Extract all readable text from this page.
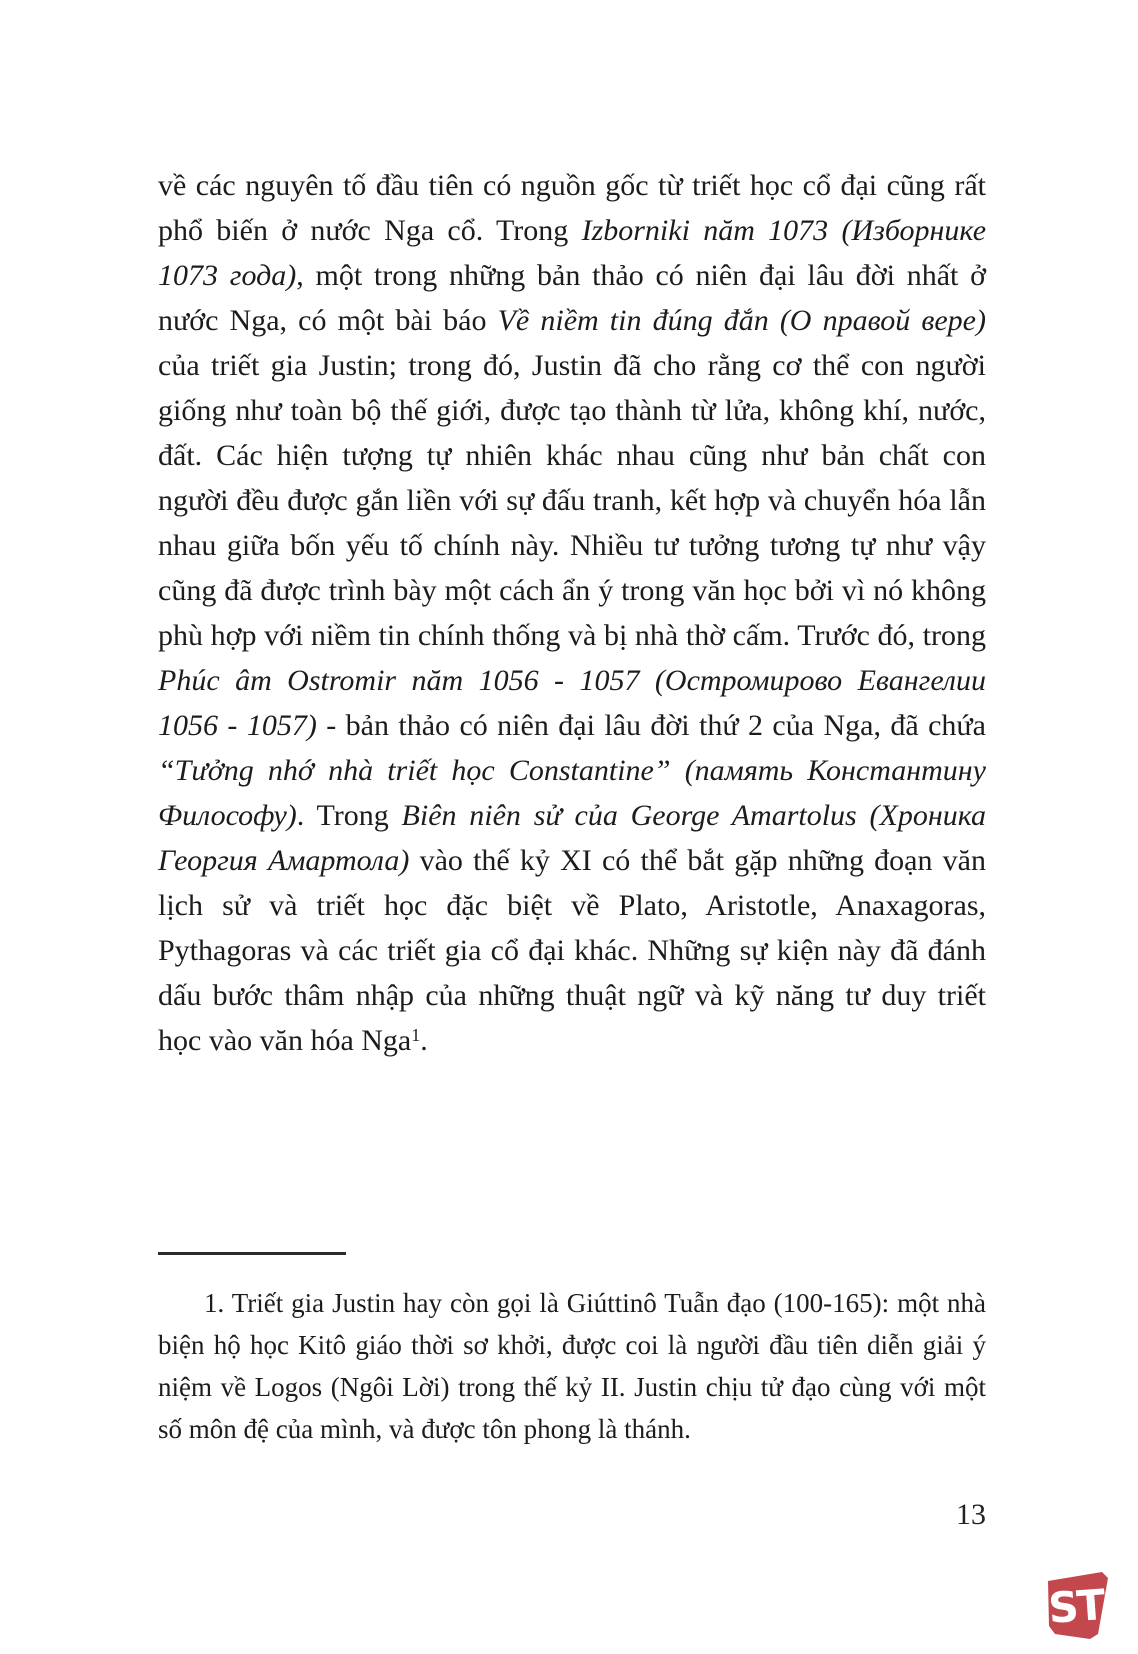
về các nguyên tố đầu tiên có nguồn gốc từ triết học cổ đại cũng rất phổ biến ở nước Nga cổ. Trong Izborniki năm 1073 (Изборнике 1073 года), một trong những bản thảo có niên đại lâu đời nhất ở nước Nga, có một bài báo Về niềm tin đúng đắn (О правой вере) của triết gia Justin; trong đó, Justin đã cho rằng cơ thể con người giống như toàn bộ thế giới, được tạo thành từ lửa, không khí, nước, đất. Các hiện tượng tự nhiên khác nhau cũng như bản chất con người đều được gắn liền với sự đấu tranh, kết hợp và chuyển hóa lẫn nhau giữa bốn yếu tố chính này. Nhiều tư tưởng tương tự như vậy cũng đã được trình bày một cách ẩn ý trong văn học bởi vì nó không phù hợp với niềm tin chính thống và bị nhà thờ cấm. Trước đó, trong Phúc âm Ostromir năm 1056 - 1057 (Остромирово Евангелии 1056 - 1057) - bản thảo có niên đại lâu đời thứ 2 của Nga, đã chứa “Tưởng nhớ nhà triết học Constantine” (память Константину Философу). Trong Biên niên sử của George Amartolus (Хроника Георгия Амартола) vào thế kỷ XI có thể bắt gặp những đoạn văn lịch sử và triết học đặc biệt về Plato, Aristotle, Anaxagoras, Pythagoras và các triết gia cổ đại khác. Những sự kiện này đã đánh dấu bước thâm nhập của những thuật ngữ và kỹ năng tư duy triết học vào văn hóa Nga$^1$.
1. Triết gia Justin hay còn gọi là Giúttinô Tuẫn đạo (100-165): một nhà biện hộ học Kitô giáo thời sơ khởi, được coi là người đầu tiên diễn giải ý niệm về Logos (Ngôi Lời) trong thế kỷ II. Justin chịu tử đạo cùng với một số môn đệ của mình, và được tôn phong là thánh.
13
ST
